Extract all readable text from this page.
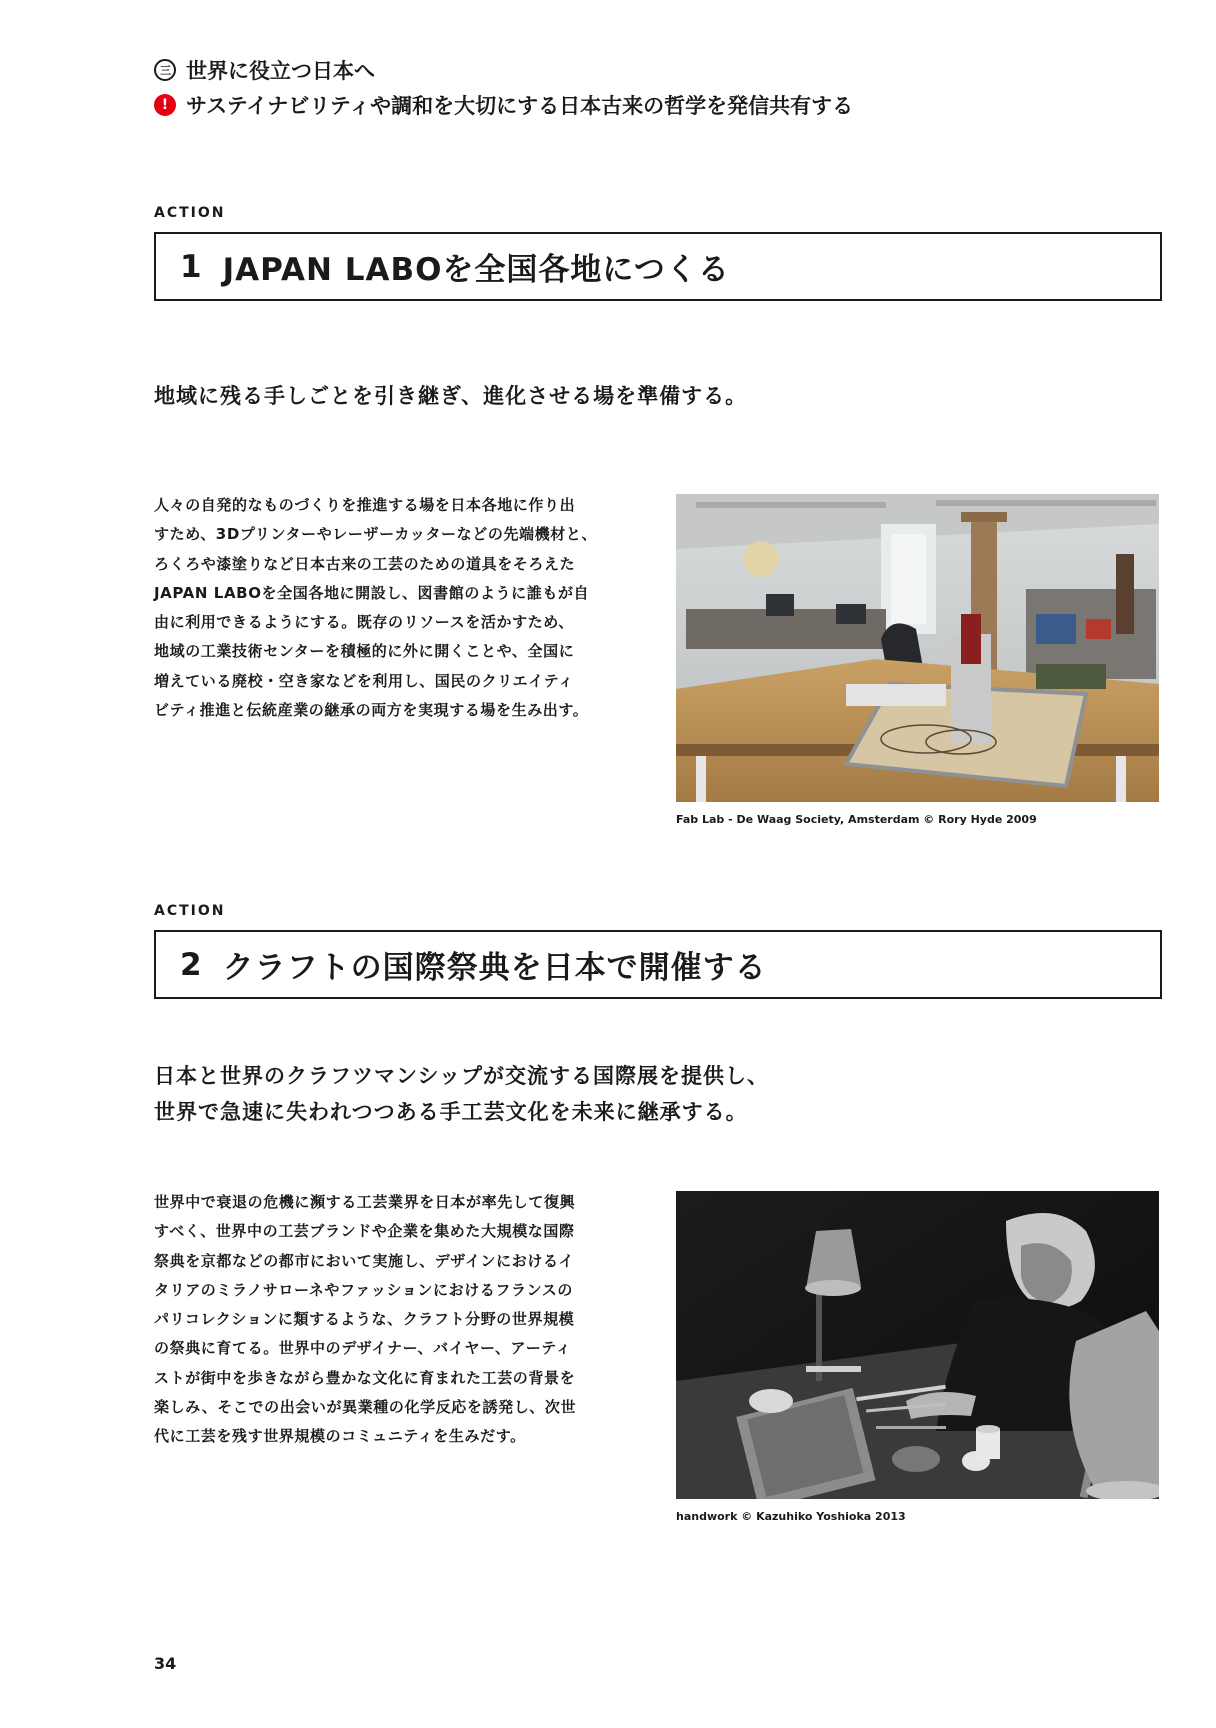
三 世界に役立つ日本へ
! サステイナビリティや調和を大切にする日本古来の哲学を発信共有する
ACTION
1 JAPAN LABOを全国各地につくる
地域に残る手しごとを引き継ぎ、進化させる場を準備する。
人々の自発的なものづくりを推進する場を日本各地に作り出
すため、3Dプリンターやレーザーカッターなどの先端機材と、
ろくろや漆塗りなど日本古来の工芸のための道具をそろえた
JAPAN LABOを全国各地に開設し、図書館のように誰もが自
由に利用できるようにする。既存のリソースを活かすため、
地域の工業技術センターを積極的に外に開くことや、全国に
増えている廃校・空き家などを利用し、国民のクリエイティ
ビティ推進と伝統産業の継承の両方を実現する場を生み出す。
Fab Lab - De Waag Society, Amsterdam © Rory Hyde 2009
ACTION
2 クラフトの国際祭典を日本で開催する
日本と世界のクラフツマンシップが交流する国際展を提供し、
世界で急速に失われつつある手工芸文化を未来に継承する。
世界中で衰退の危機に瀕する工芸業界を日本が率先して復興
すべく、世界中の工芸ブランドや企業を集めた大規模な国際
祭典を京都などの都市において実施し、デザインにおけるイ
タリアのミラノサローネやファッションにおけるフランスの
パリコレクションに類するような、クラフト分野の世界規模
の祭典に育てる。世界中のデザイナー、バイヤー、アーティ
ストが街中を歩きながら豊かな文化に育まれた工芸の背景を
楽しみ、そこでの出会いが異業種の化学反応を誘発し、次世
代に工芸を残す世界規模のコミュニティを生みだす。
handwork © Kazuhiko Yoshioka 2013
34
